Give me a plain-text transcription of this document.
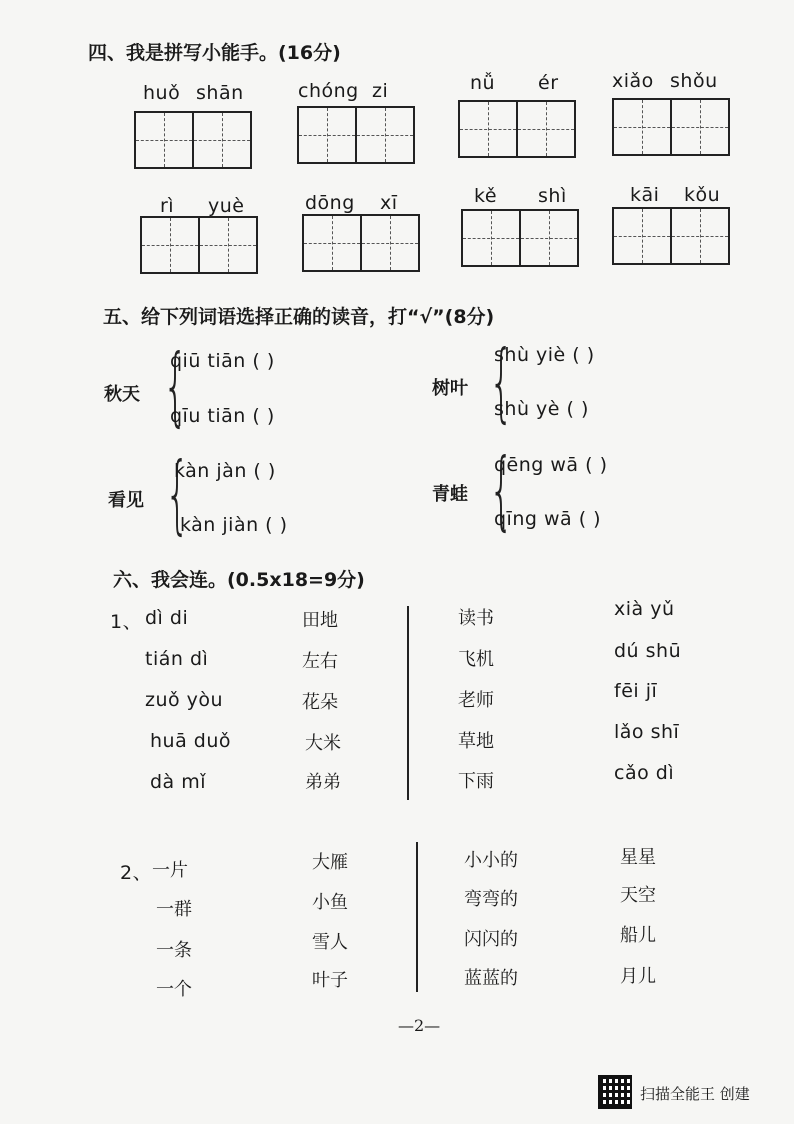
四、我是拼写小能手。(16分)
huǒ shān	chóng zi	nǚ ér	xiǎo shǒu
rì yuè	dōng xī	kě shì	kāi kǒu
五、给下列词语选择正确的读音，打“√”(8分)
秋天 {
qiū tiān ( )
qīu tiān ( )
树叶 {
shù yiè ( )
shù yè ( )
看见 {
kàn jàn ( )
kàn jiàn ( )
青蛙 {
qēng wā ( )
qīng wā ( )
六、我会连。(0.5x18=9分)
1、 dì di
tián dì
zuǒ yòu
huā duǒ
dà mǐ
田地
左右
花朵
大米
弟弟
读书
飞机
老师
草地
下雨
xià yǔ
dú shū
fēi jī
lǎo shī
cǎo dì
2、 一片
一群
一条
一个
大雁
小鱼
雪人
叶子
小小的
弯弯的
闪闪的
蓝蓝的
星星
天空
船儿
月儿
—2—
扫描全能王 创建
